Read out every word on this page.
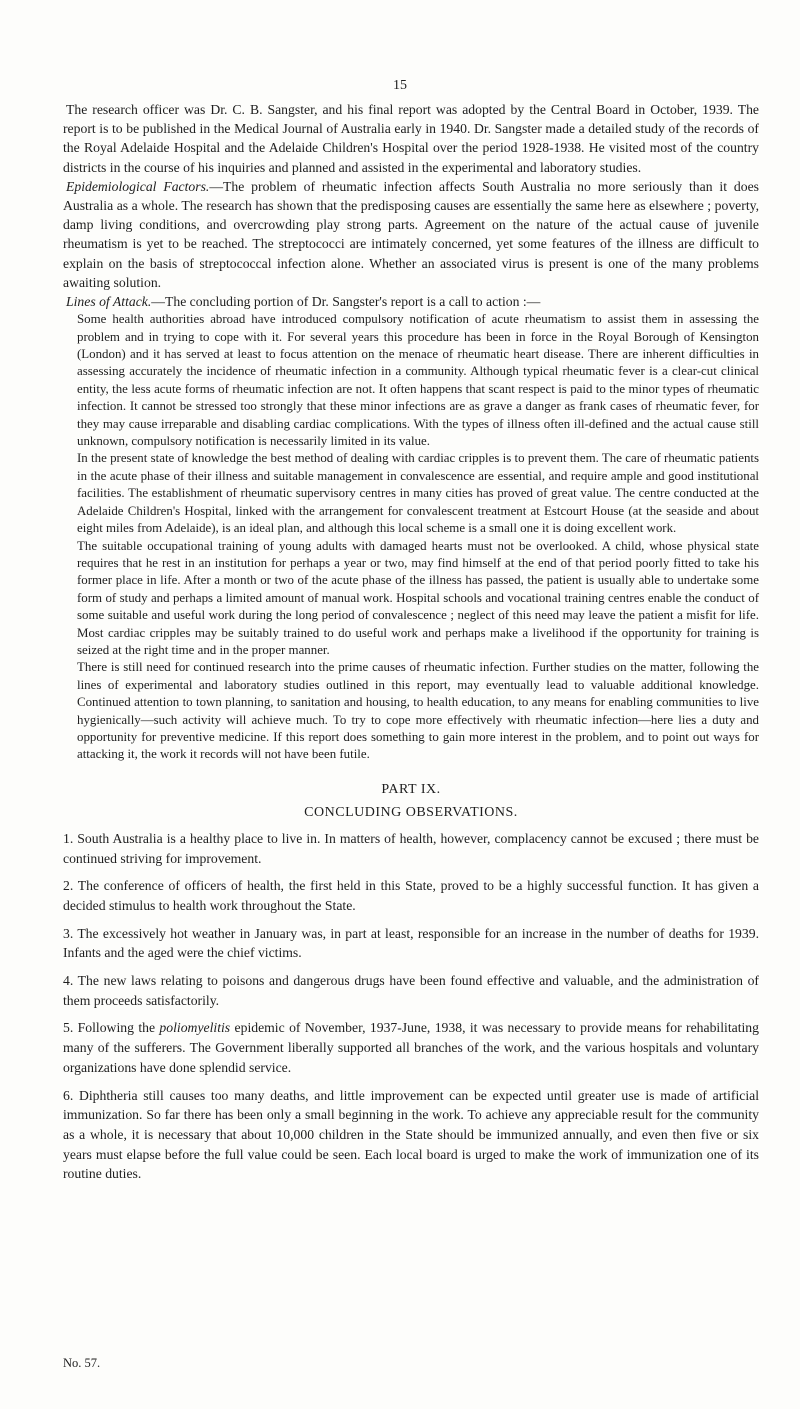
15

The research officer was Dr. C. B. Sangster, and his final report was adopted by the Central Board in October, 1939. The report is to be published in the Medical Journal of Australia early in 1940. Dr. Sangster made a detailed study of the records of the Royal Adelaide Hospital and the Adelaide Children's Hospital over the period 1928-1938. He visited most of the country districts in the course of his inquiries and planned and assisted in the experimental and laboratory studies.

Epidemiological Factors.—The problem of rheumatic infection affects South Australia no more seriously than it does Australia as a whole. The research has shown that the predisposing causes are essentially the same here as elsewhere ; poverty, damp living conditions, and overcrowding play strong parts. Agreement on the nature of the actual cause of juvenile rheumatism is yet to be reached. The streptococci are intimately concerned, yet some features of the illness are difficult to explain on the basis of streptococcal infection alone. Whether an associated virus is present is one of the many problems awaiting solution.

Lines of Attack.—The concluding portion of Dr. Sangster's report is a call to action :—

Some health authorities abroad have introduced compulsory notification of acute rheumatism to assist them in assessing the problem and in trying to cope with it. For several years this procedure has been in force in the Royal Borough of Kensington (London) and it has served at least to focus attention on the menace of rheumatic heart disease. There are inherent difficulties in assessing accurately the incidence of rheumatic infection in a community. Although typical rheumatic fever is a clear-cut clinical entity, the less acute forms of rheumatic infection are not. It often happens that scant respect is paid to the minor types of rheumatic infection. It cannot be stressed too strongly that these minor infections are as grave a danger as frank cases of rheumatic fever, for they may cause irreparable and disabling cardiac complications. With the types of illness often ill-defined and the actual cause still unknown, compulsory notification is necessarily limited in its value.

In the present state of knowledge the best method of dealing with cardiac cripples is to prevent them. The care of rheumatic patients in the acute phase of their illness and suitable management in convalescence are essential, and require ample and good institutional facilities. The establishment of rheumatic supervisory centres in many cities has proved of great value. The centre conducted at the Adelaide Children's Hospital, linked with the arrangement for convalescent treatment at Estcourt House (at the seaside and about eight miles from Adelaide), is an ideal plan, and although this local scheme is a small one it is doing excellent work.

The suitable occupational training of young adults with damaged hearts must not be overlooked. A child, whose physical state requires that he rest in an institution for perhaps a year or two, may find himself at the end of that period poorly fitted to take his former place in life. After a month or two of the acute phase of the illness has passed, the patient is usually able to undertake some form of study and perhaps a limited amount of manual work. Hospital schools and vocational training centres enable the conduct of some suitable and useful work during the long period of convalescence ; neglect of this need may leave the patient a misfit for life. Most cardiac cripples may be suitably trained to do useful work and perhaps make a livelihood if the opportunity for training is seized at the right time and in the proper manner.

There is still need for continued research into the prime causes of rheumatic infection. Further studies on the matter, following the lines of experimental and laboratory studies outlined in this report, may eventually lead to valuable additional knowledge. Continued attention to town planning, to sanitation and housing, to health education, to any means for enabling communities to live hygienically—such activity will achieve much. To try to cope more effectively with rheumatic infection—here lies a duty and opportunity for preventive medicine. If this report does something to gain more interest in the problem, and to point out ways for attacking it, the work it records will not have been futile.

PART IX.
CONCLUDING OBSERVATIONS.

1. South Australia is a healthy place to live in. In matters of health, however, complacency cannot be excused ; there must be continued striving for improvement.

2. The conference of officers of health, the first held in this State, proved to be a highly successful function. It has given a decided stimulus to health work throughout the State.

3. The excessively hot weather in January was, in part at least, responsible for an increase in the number of deaths for 1939. Infants and the aged were the chief victims.

4. The new laws relating to poisons and dangerous drugs have been found effective and valuable, and the administration of them proceeds satisfactorily.

5. Following the poliomyelitis epidemic of November, 1937-June, 1938, it was necessary to provide means for rehabilitating many of the sufferers. The Government liberally supported all branches of the work, and the various hospitals and voluntary organizations have done splendid service.

6. Diphtheria still causes too many deaths, and little improvement can be expected until greater use is made of artificial immunization. So far there has been only a small beginning in the work. To achieve any appreciable result for the community as a whole, it is necessary that about 10,000 children in the State should be immunized annually, and even then five or six years must elapse before the full value could be seen. Each local board is urged to make the work of immunization one of its routine duties.

No. 57.
